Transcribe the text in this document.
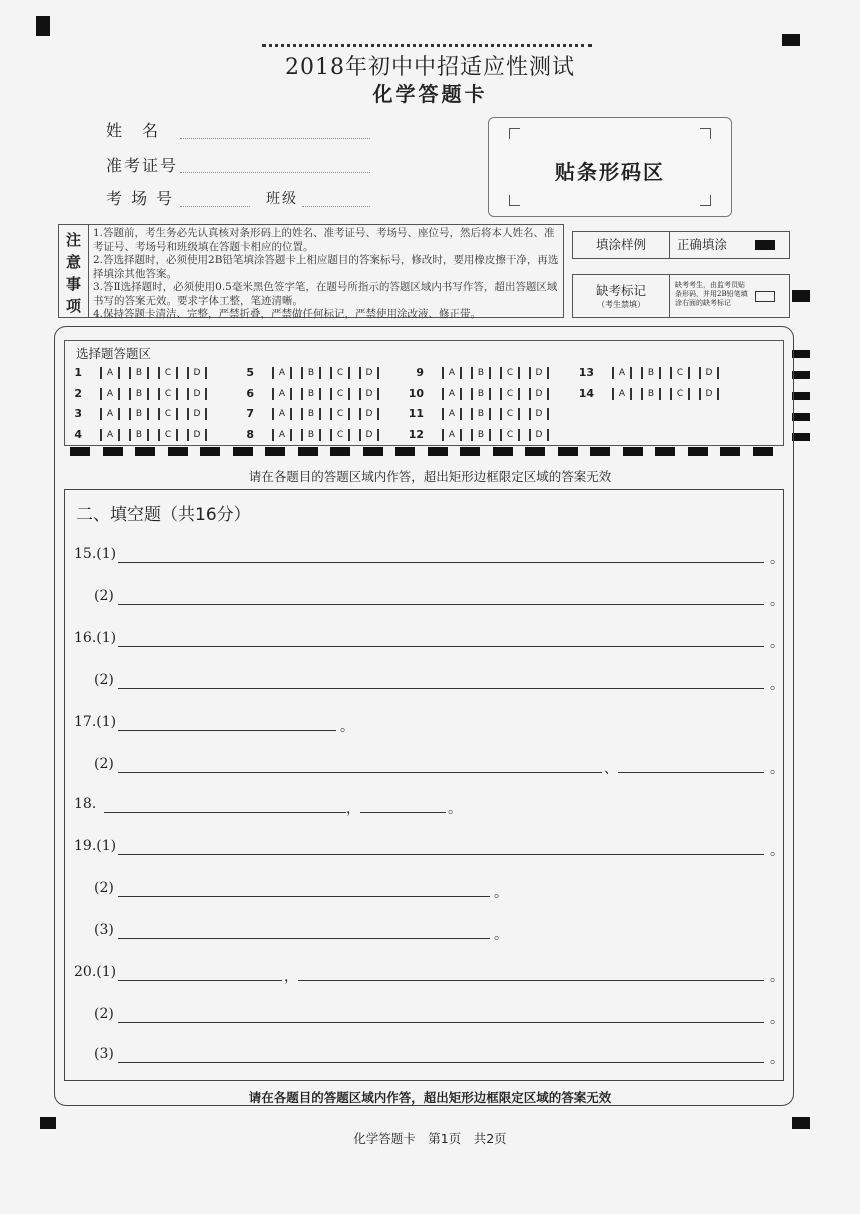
2018年初中中招适应性测试
化学答题卡
姓　名
准考证号
考 场 号	班级
贴条形码区
注
意
事
项
1.答题前，考生务必先认真核对条形码上的姓名、准考证号、考场号、座位号，然后将本人姓名、准考证号、考场号和班级填在答题卡相应的位置。
2.答选择题时，必须使用2B铅笔填涂答题卡上相应题目的答案标号，修改时，要用橡皮擦干净，再选择填涂其他答案。
3.答Ⅱ选择题时，必须使用0.5毫米黑色签字笔，在题号所指示的答题区域内书写作答，超出答题区域书写的答案无效。要求字体工整，笔迹清晰。
4.保持答题卡清洁、完整，严禁折叠，严禁做任何标记，严禁使用涂改液、修正带。
填涂样例	正确填涂
缺考标记
（考生禁填）
缺考考生，由监考员贴条形码，并用2B铅笔填涂右面的缺考标记
选择题答题区
1	A	B	C	D
2	A	B	C	D
3	A	B	C	D
4	A	B	C	D
5	A	B	C	D
6	A	B	C	D
7	A	B	C	D
8	A	B	C	D
9	A	B	C	D
10	A	B	C	D
11	A	B	C	D
12	A	B	C	D
13	A	B	C	D
14	A	B	C	D
请在各题目的答题区域内作答，超出矩形边框限定区域的答案无效
二、填空题（共16分）
15.(1)	。
(2)	。
16.(1)	。
(2)	。
17.(1)	。
(2)	、	。
18.	，	。
19.(1)	。
(2)	。
(3)	。
20.(1)	，	。
(2)	。
(3)	。
请在各题目的答题区域内作答，超出矩形边框限定区域的答案无效
化学答题卡　第1页　共2页
